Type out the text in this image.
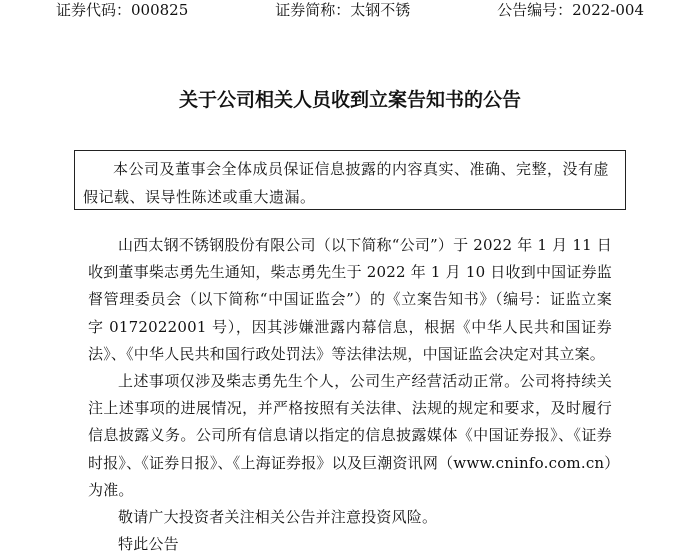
证券代码：000825	证券简称：太钢不锈	公告编号：2022-004
关于公司相关人员收到立案告知书的公告

本公司及董事会全体成员保证信息披露的内容真实、准确、完整，没有虚假记载、误导性陈述或重大遗漏。

山西太钢不锈钢股份有限公司（以下简称“公司”）于 2022 年 1 月 11 日收到董事柴志勇先生通知，柴志勇先生于 2022 年 1 月 10 日收到中国证券监督管理委员会（以下简称“中国证监会”）的《立案告知书》（编号：证监立案字 0172022001 号），因其涉嫌泄露内幕信息，根据《中华人民共和国证券法》、《中华人民共和国行政处罚法》等法律法规，中国证监会决定对其立案。

上述事项仅涉及柴志勇先生个人，公司生产经营活动正常。公司将持续关注上述事项的进展情况，并严格按照有关法律、法规的规定和要求，及时履行信息披露义务。公司所有信息请以指定的信息披露媒体《中国证券报》、《证券时报》、《证券日报》、《上海证券报》以及巨潮资讯网（www.cninfo.com.cn）为准。

敬请广大投资者关注相关公告并注意投资风险。

特此公告
